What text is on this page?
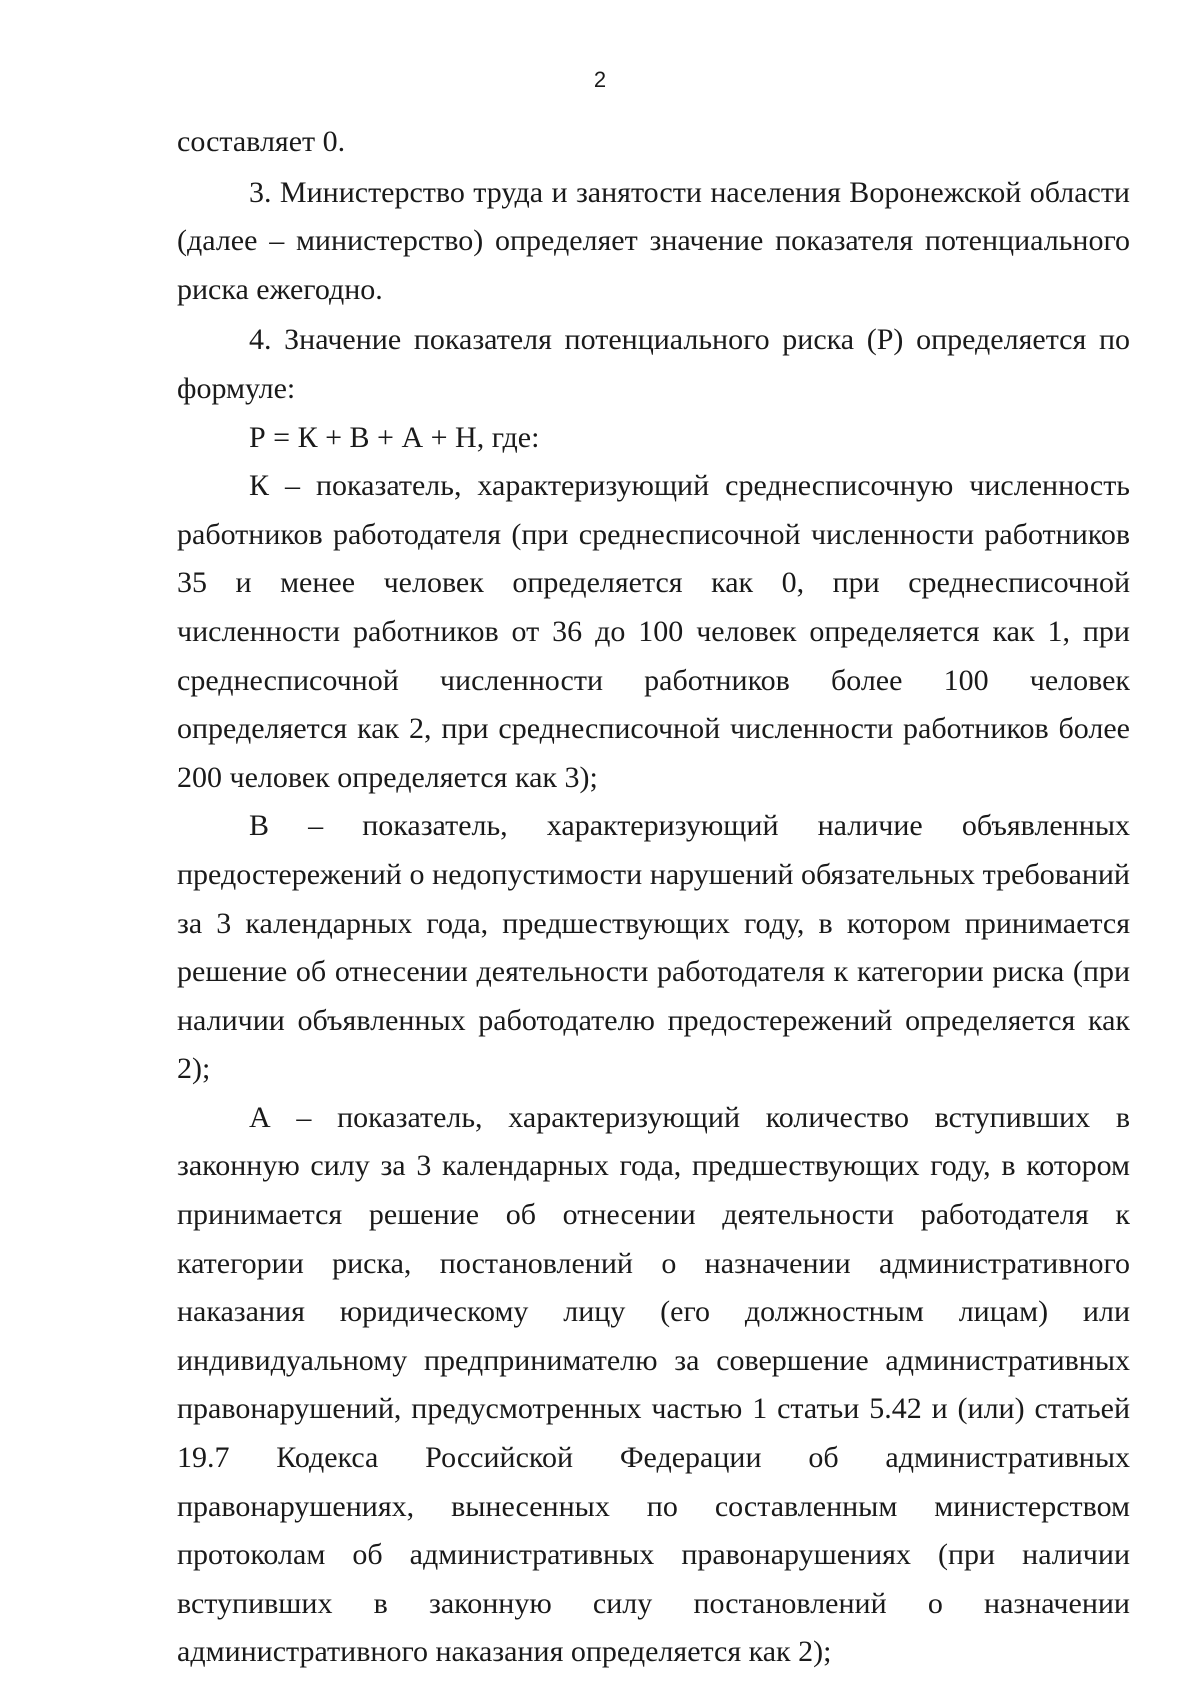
2

составляет 0.

3. Министерство труда и занятости населения Воронежской области (далее – министерство) определяет значение показателя потенциального риска ежегодно.

4. Значение показателя потенциального риска (Р) определяется по формуле:

Р = К + В + А + Н, где:

К – показатель, характеризующий среднесписочную численность работников работодателя (при среднесписочной численности работников 35 и менее человек определяется как 0, при среднесписочной численности работников от 36 до 100 человек определяется как 1, при среднесписочной численности работников более 100 человек определяется как 2, при среднесписочной численности работников более 200 человек определяется как 3);

В – показатель, характеризующий наличие объявленных предостережений о недопустимости нарушений обязательных требований за 3 календарных года, предшествующих году, в котором принимается решение об отнесении деятельности работодателя к категории риска (при наличии объявленных работодателю предостережений определяется как 2);

А – показатель, характеризующий количество вступивших в законную силу за 3 календарных года, предшествующих году, в котором принимается решение об отнесении деятельности работодателя к категории риска, постановлений о назначении административного наказания юридическому лицу (его должностным лицам) или индивидуальному предпринимателю за совершение административных правонарушений, предусмотренных частью 1 статьи 5.42 и (или) статьей 19.7 Кодекса Российской Федерации об административных правонарушениях, вынесенных по составленным министерством протоколам об административных правонарушениях (при наличии вступивших в законную силу постановлений о назначении административного наказания определяется как 2);
